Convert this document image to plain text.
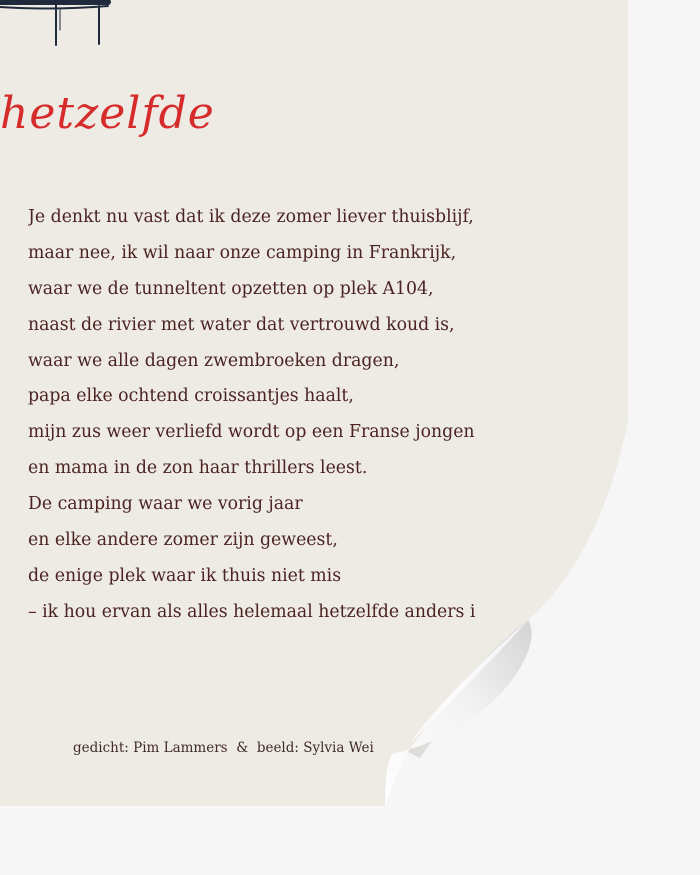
hetzelfde
Je denkt nu vast dat ik deze zomer liever thuisblijf,
maar nee, ik wil naar onze camping in Frankrijk,
waar we de tunneltent opzetten op plek A104,
naast de rivier met water dat vertrouwd koud is,
waar we alle dagen zwembroeken dragen,
papa elke ochtend croissantjes haalt,
mijn zus weer verliefd wordt op een Franse jongen
en mama in de zon haar thrillers leest.
De camping waar we vorig jaar
en elke andere zomer zijn geweest,
de enige plek waar ik thuis niet mis
– ik hou ervan als alles helemaal hetzelfde anders i
gedicht: Pim Lammers & beeld: Sylvia Wei
